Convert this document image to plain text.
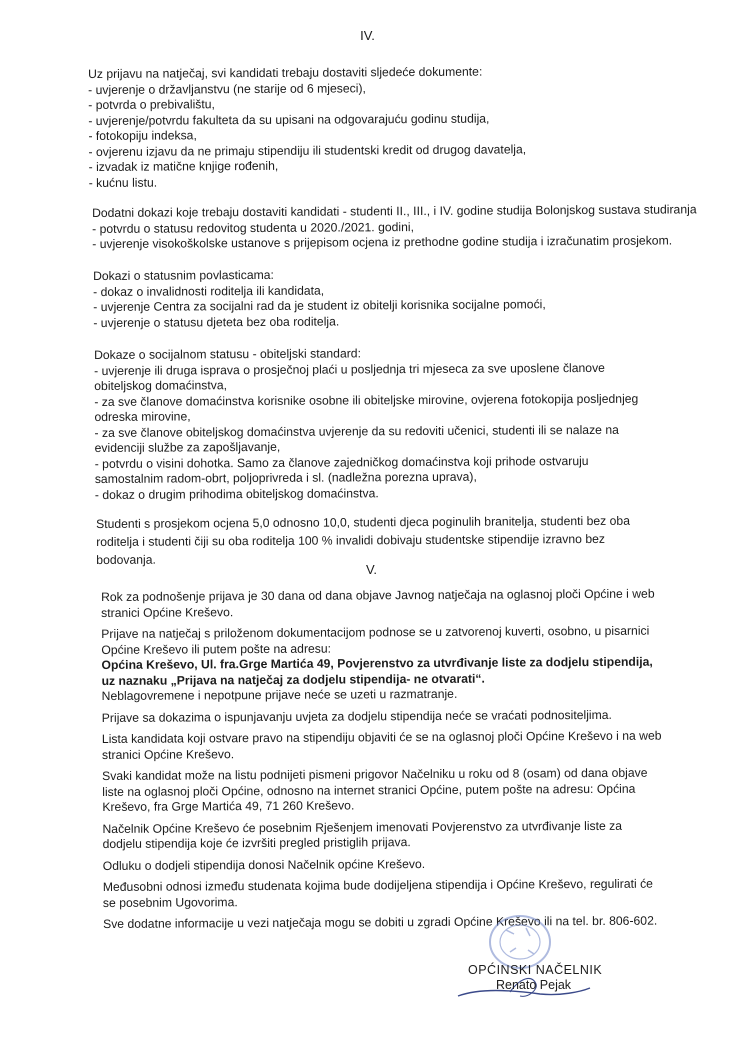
IV.

Uz prijavu na natječaj, svi kandidati trebaju dostaviti sljedeće dokumente:

- uvjerenje o državljanstvu (ne starije od 6 mjeseci),
- potvrda o prebivalištu,
- uvjerenje/potvrdu fakulteta da su upisani na odgovarajuću godinu studija,
- fotokopiju indeksa,
- ovjerenu izjavu da ne primaju stipendiju ili studentski kredit od drugog davatelja,
- izvadak iz matične knjige rođenih,
- kućnu listu.

Dodatni dokazi koje trebaju dostaviti kandidati - studenti II., III., i IV. godine studija Bolonjskog sustava studiranja

- potvrdu o statusu redovitog studenta u 2020./2021. godini,
- uvjerenje visokoškolske ustanove s prijepisom ocjena iz prethodne godine studija i izračunatim prosjekom.

Dokazi o statusnim povlasticama:

- dokaz o invalidnosti roditelja ili kandidata,
- uvjerenje Centra za socijalni rad da je student iz obitelji korisnika socijalne pomoći,
- uvjerenje o statusu djeteta bez oba roditelja.

Dokaze o socijalnom statusu - obiteljski standard:

- uvjerenje ili druga isprava o prosječnoj plaći u posljednja tri mjeseca za sve uposlene članove obiteljskog domaćinstva,
- za sve članove domaćinstva korisnike osobne ili obiteljske mirovine, ovjerena fotokopija posljednjeg odreska mirovine,
- za sve članove obiteljskog domaćinstva uvjerenje da su redoviti učenici, studenti ili se nalaze na evidenciji službe za zapošljavanje,
- potvrdu o visini dohotka. Samo za članove zajedničkog domaćinstva koji prihode ostvaruju samostalnim radom-obrt, poljoprivreda i sl. (nadležna porezna uprava),
- dokaz o drugim prihodima obiteljskog domaćinstva.

Studenti s prosjekom ocjena 5,0 odnosno 10,0, studenti djeca poginulih branitelja, studenti bez oba roditelja i studenti čiji su oba roditelja 100 % invalidi dobivaju studentske stipendije izravno bez bodovanja.

V.

Rok za podnošenje prijava je 30 dana od dana objave Javnog natječaja na oglasnoj ploči Općine i web stranici Općine Kreševo.

Prijave na natječaj s priloženom dokumentacijom podnose se u zatvorenoj kuverti, osobno, u pisarnici Općine Kreševo ili putem pošte na adresu:
Općina Kreševo, Ul. fra.Grge Martića 49, Povjerenstvo za utvrđivanje liste za dodjelu stipendija, uz naznaku „Prijava na natječaj za dodjelu stipendija- ne otvarati“.
Neblagovremene i nepotpune prijave neće se uzeti u razmatranje.

Prijave sa dokazima o ispunjavanju uvjeta za dodjelu stipendija neće se vraćati podnositeljima.

Lista kandidata koji ostvare pravo na stipendiju objaviti će se na oglasnoj ploči Općine Kreševo i na web stranici Općine Kreševo.

Svaki kandidat može na listu podnijeti pismeni prigovor Načelniku u roku od 8 (osam) od dana objave liste na oglasnoj ploči Općine, odnosno na internet stranici Općine, putem pošte na adresu: Općina Kreševo, fra Grge Martića 49, 71 260 Kreševo.

Načelnik Općine Kreševo će posebnim Rješenjem imenovati Povjerenstvo za utvrđivanje liste za dodjelu stipendija koje će izvršiti pregled pristiglih prijava.

Odluku o dodjeli stipendija donosi Načelnik općine Kreševo.

Međusobni odnosi između studenata kojima bude dodijeljena stipendija i Općine Kreševo, regulirati će se posebnim Ugovorima.

Sve dodatne informacije u vezi natječaja mogu se dobiti u zgradi Općine Kreševo ili na tel. br. 806-602.

OPĆINSKI NAČELNIK
Renato Pejak
